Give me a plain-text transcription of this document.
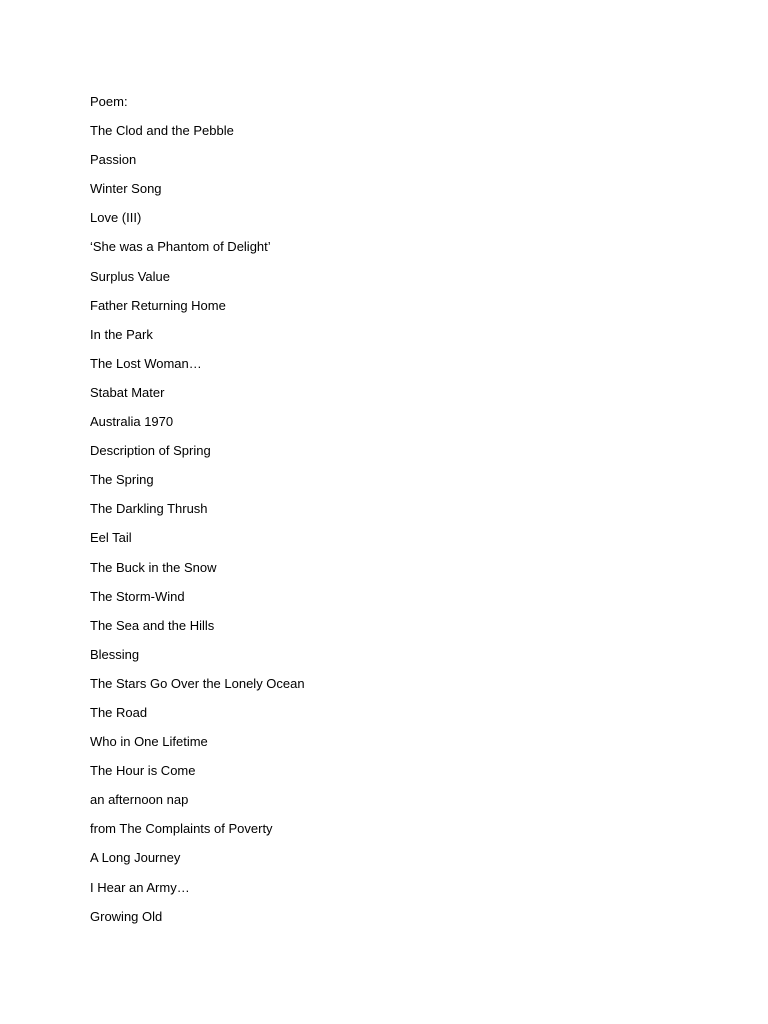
Poem:
The Clod and the Pebble
Passion
Winter Song
Love (III)
‘She was a Phantom of Delight’
Surplus Value
Father Returning Home
In the Park
The Lost Woman…
Stabat Mater
Australia 1970
Description of Spring
The Spring
The Darkling Thrush
Eel Tail
The Buck in the Snow
The Storm-Wind
The Sea and the Hills
Blessing
The Stars Go Over the Lonely Ocean
The Road
Who in One Lifetime
The Hour is Come
an afternoon nap
from The Complaints of Poverty
A Long Journey
I Hear an Army…
Growing Old
